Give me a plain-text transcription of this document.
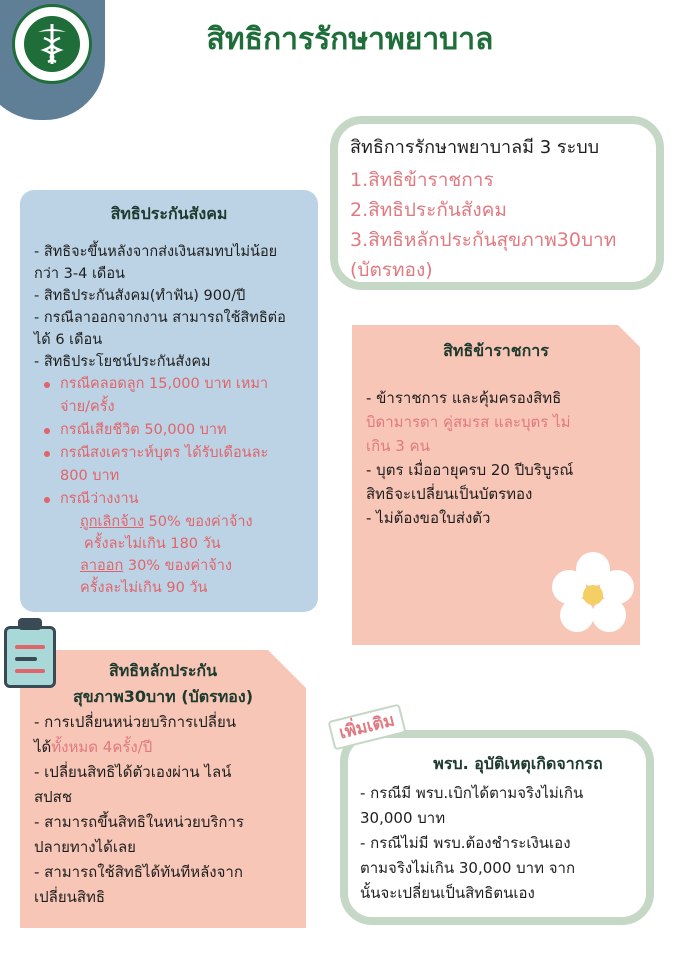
สิทธิการรักษาพยาบาล
สิทธิการรักษาพยาบาลมี 3 ระบบ
1.สิทธิข้าราชการ
2.สิทธิประกันสังคม
3.สิทธิหลักประกันสุขภาพ30บาท
(บัตรทอง)
สิทธิประกันสังคม
- สิทธิจะขึ้นหลังจากส่งเงินสมทบไม่น้อย
กว่า 3-4 เดือน
- สิทธิประกันสังคม(ทำฟัน) 900/ปี
- กรณีลาออกจากงาน สามารถใช้สิทธิต่อ
ได้ 6 เดือน
- สิทธิประโยชน์ประกันสังคม
กรณีคลอดลูก 15,000 บาท เหมา
จ่าย/ครั้ง
กรณีเสียชีวิต 50,000 บาท
กรณีสงเคราะห์บุตร ได้รับเดือนละ
800 บาท
กรณีว่างงาน
ถูกเลิกจ้าง 50% ของค่าจ้าง
ครั้งละไม่เกิน 180 วัน
ลาออก 30% ของค่าจ้าง
ครั้งละไม่เกิน 90 วัน
สิทธิข้าราชการ
- ข้าราชการ และคุ้มครองสิทธิ
บิดามารดา คู่สมรส และบุตร ไม่
เกิน 3 คน
- บุตร เมื่ออายุครบ 20 ปีบริบูรณ์
สิทธิจะเปลี่ยนเป็นบัตรทอง
- ไม่ต้องขอใบส่งตัว
สิทธิหลักประกัน
สุขภาพ30บาท (บัตรทอง)
- การเปลี่ยนหน่วยบริการเปลี่ยน
ได้ทั้งหมด 4ครั้ง/ปี
- เปลี่ยนสิทธิได้ตัวเองผ่าน ไลน์
สปสช
- สามารถขึ้นสิทธิในหน่วยบริการ
ปลายทางได้เลย
- สามารถใช้สิทธิได้ทันทีหลังจาก
เปลี่ยนสิทธิ
พรบ. อุบัติเหตุเกิดจากรถ
- กรณีมี พรบ.เบิกได้ตามจริงไม่เกิน
30,000 บาท
- กรณีไม่มี พรบ.ต้องชำระเงินเอง
ตามจริงไม่เกิน 30,000 บาท จาก
นั้นจะเปลี่ยนเป็นสิทธิตนเอง
เพิ่มเติม
